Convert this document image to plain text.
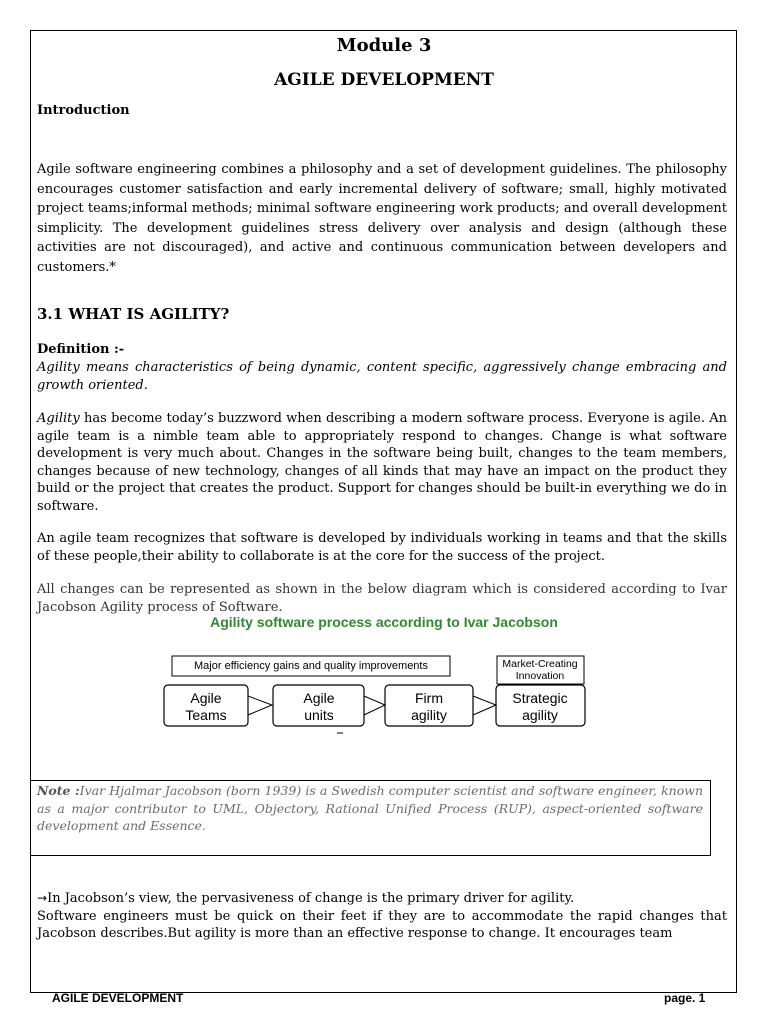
Module 3
AGILE DEVELOPMENT
Introduction
Agile software engineering combines a philosophy and a set of development guidelines. The philosophy encourages customer satisfaction and early incremental delivery of software; small, highly motivated project teams;informal methods; minimal software engineering work products; and overall development simplicity. The development guidelines stress delivery over analysis and design (although these activities are not discouraged), and active and continuous communication between developers and customers.*
3.1 WHAT IS AGILITY?
Definition :-
Agility means characteristics of being dynamic, content specific, aggressively change embracing and growth oriented.
Agility has become today’s buzzword when describing a modern software process. Everyone is agile. An agile team is a nimble team able to appropriately respond to changes. Change is what software development is very much about. Changes in the software being built, changes to the team members, changes because of new technology, changes of all kinds that may have an impact on the product they build or the project that creates the product. Support for changes should be built-in everything we do in software.
An agile team recognizes that software is developed by individuals working in teams and that the skills of these people,their ability to collaborate is at the core for the success of the project.
All changes can be represented as shown in the below diagram which is considered according to Ivar Jacobson Agility process of Software.
Agility software process according to Ivar Jacobson
Major efficiency gains and quality improvements	Market-Creating
Innovation
Agile
Teams
Agile
units
Firm
agility
Strategic
agility
Note :Ivar Hjalmar Jacobson (born 1939) is a Swedish computer scientist and software engineer, known as a major contributor to UML, Objectory, Rational Unified Process (RUP), aspect-oriented software development and Essence.
→In Jacobson’s view, the pervasiveness of change is the primary driver for agility.
Software engineers must be quick on their feet if they are to accommodate the rapid changes that Jacobson describes.But agility is more than an effective response to change. It encourages team
AGILE DEVELOPMENT	page. 1
